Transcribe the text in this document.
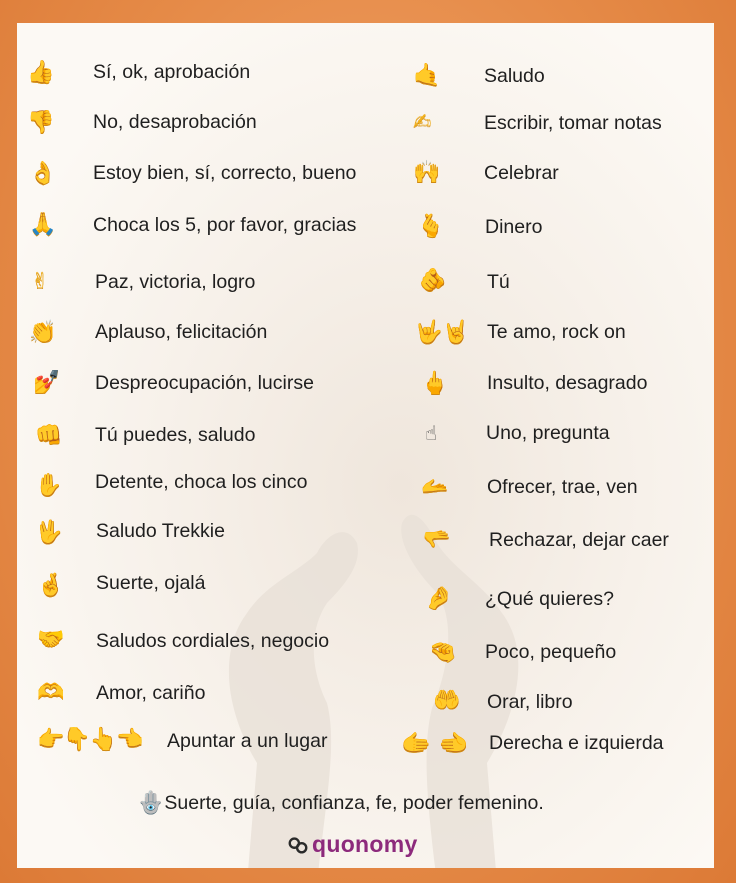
👍 Sí, ok, aprobación
👎 No, desaprobación
👌 Estoy bien, sí, correcto, bueno
🙏 Choca los 5, por favor, gracias
✌ Paz, victoria, logro
👏 Aplauso, felicitación
💅 Despreocupación, lucirse
👊 Tú puedes, saludo
✋ Detente, choca los cinco
🖖 Saludo Trekkie
🤞 Suerte, ojalá
🤝 Saludos cordiales, negocio
🫶 Amor, cariño
👉👇👆👈 Apuntar a un lugar
🤙 Saludo
✍	Escribir, tomar notas
🙌 Celebrar
🫰 Dinero
🫵 Tú
🤟🤘 Te amo, rock on
🖕 Insulto, desagrado
☝	Uno, pregunta
🫴 Ofrecer, trae, ven
🫳 Rechazar, dejar caer
🤌 ¿Qué quieres?
🤏 Poco, pequeño
🤲 Orar, libro
🫱 🫲 Derecha e izquierda
🪬 Suerte, guía, confianza, fe, poder femenino.
quonomy
